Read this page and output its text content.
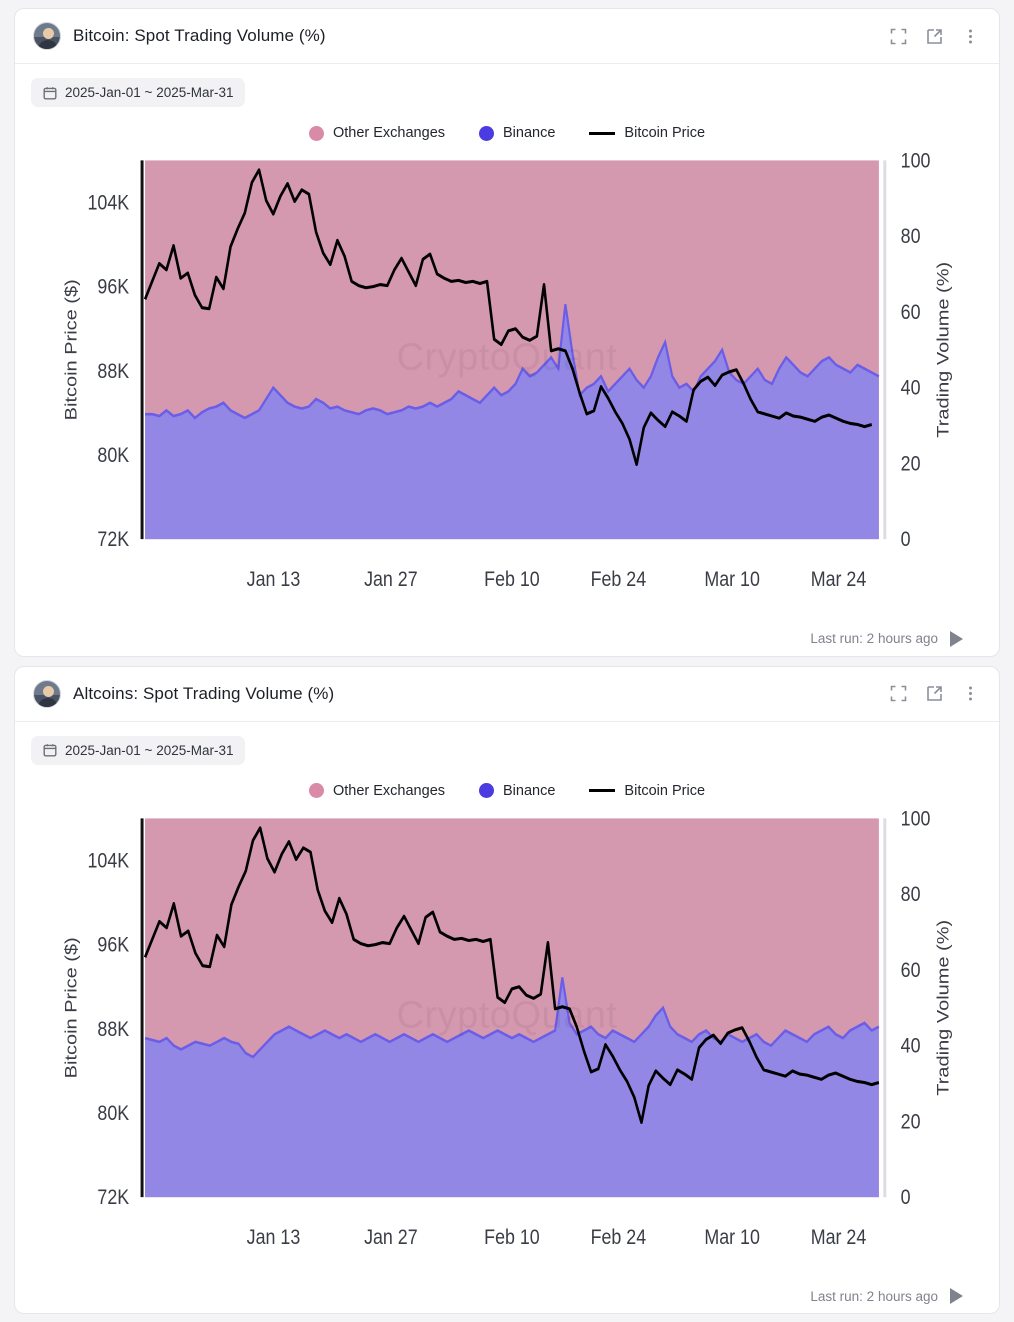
Bitcoin: Spot Trading Volume (%)
2025-Jan-01 ~ 2025-Mar-31
Other Exchanges	Binance	Bitcoin Price
72K
80K
88K
96K
104K
0
20
40
60
80
100
Jan 13	Jan 27	Feb 10	Feb 24	Mar 10	Mar 24
Bitcoin Price ($)	Trading Volume (%)
Last run: 2 hours ago
Altcoins: Spot Trading Volume (%)
2025-Jan-01 ~ 2025-Mar-31
Other Exchanges	Binance	Bitcoin Price
72K
80K
88K
96K
104K
0
20
40
60
80
100
Jan 13	Jan 27	Feb 10	Feb 24	Mar 10	Mar 24
Bitcoin Price ($)	Trading Volume (%)
Last run: 2 hours ago
